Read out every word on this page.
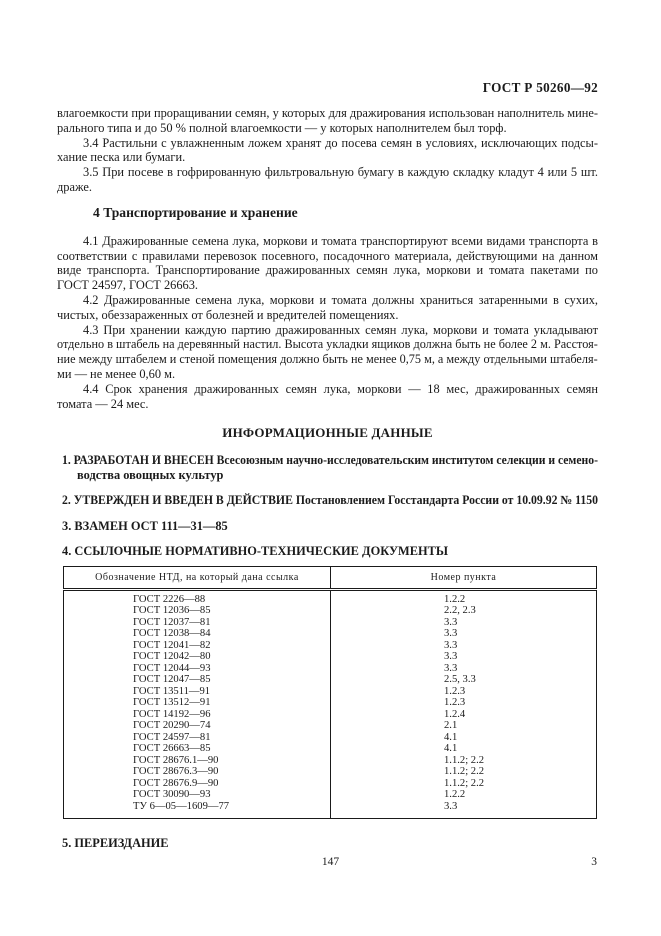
ГОСТ Р 50260—92
влагоемкости при проращивании семян, у которых для дражирования использован наполнитель мине-
рального типа и до 50 % полной влагоемкости — у которых наполнителем был торф.
3.4 Растильни с увлажненным ложем хранят до посева семян в условиях, исключающих подсы-
хание песка или бумаги.
3.5 При посеве в гофрированную фильтровальную бумагу в каждую складку кладут 4 или 5 шт.
драже.
4 Транспортирование и хранение
4.1 Дражированные семена лука, моркови и томата транспортируют всеми видами транспорта в
соответствии с правилами перевозок посевного, посадочного материала, действующими на данном
виде транспорта. Транспортирование дражированных семян лука, моркови и томата пакетами по
ГОСТ 24597, ГОСТ 26663.
4.2 Дражированные семена лука, моркови и томата должны храниться затаренными в сухих,
чистых, обеззараженных от болезней и вредителей помещениях.
4.3 При хранении каждую партию дражированных семян лука, моркови и томата укладывают
отдельно в штабель на деревянный настил. Высота укладки ящиков должна быть не более 2 м. Расстоя-
ние между штабелем и стеной помещения должно быть не менее 0,75 м, а между отдельными штабеля-
ми — не менее 0,60 м.
4.4 Срок хранения дражированных семян лука, моркови — 18 мес, дражированных семян
томата — 24 мес.
ИНФОРМАЦИОННЫЕ ДАННЫЕ
1. РАЗРАБОТАН И ВНЕСЕН Всесоюзным научно-исследовательским институтом селекции и семено-
водства овощных культур
2. УТВЕРЖДЕН И ВВЕДЕН В ДЕЙСТВИЕ Постановлением Госстандарта России от 10.09.92 № 1150
3. ВЗАМЕН ОСТ 111—31—85
4. ССЫЛОЧНЫЕ НОРМАТИВНО-ТЕХНИЧЕСКИЕ ДОКУМЕНТЫ
Обозначение НТД, на который дана ссылка	Номер пункта
ГОСТ 2226—88	1.2.2
ГОСТ 12036—85	2.2, 2.3
ГОСТ 12037—81	3.3
ГОСТ 12038—84	3.3
ГОСТ 12041—82	3.3
ГОСТ 12042—80	3.3
ГОСТ 12044—93	3.3
ГОСТ 12047—85	2.5, 3.3
ГОСТ 13511—91	1.2.3
ГОСТ 13512—91	1.2.3
ГОСТ 14192—96	1.2.4
ГОСТ 20290—74	2.1
ГОСТ 24597—81	4.1
ГОСТ 26663—85	4.1
ГОСТ 28676.1—90	1.1.2; 2.2
ГОСТ 28676.3—90	1.1.2; 2.2
ГОСТ 28676.9—90	1.1.2; 2.2
ГОСТ 30090—93	1.2.2
ТУ 6—05—1609—77	3.3
5. ПЕРЕИЗДАНИЕ
147	3
